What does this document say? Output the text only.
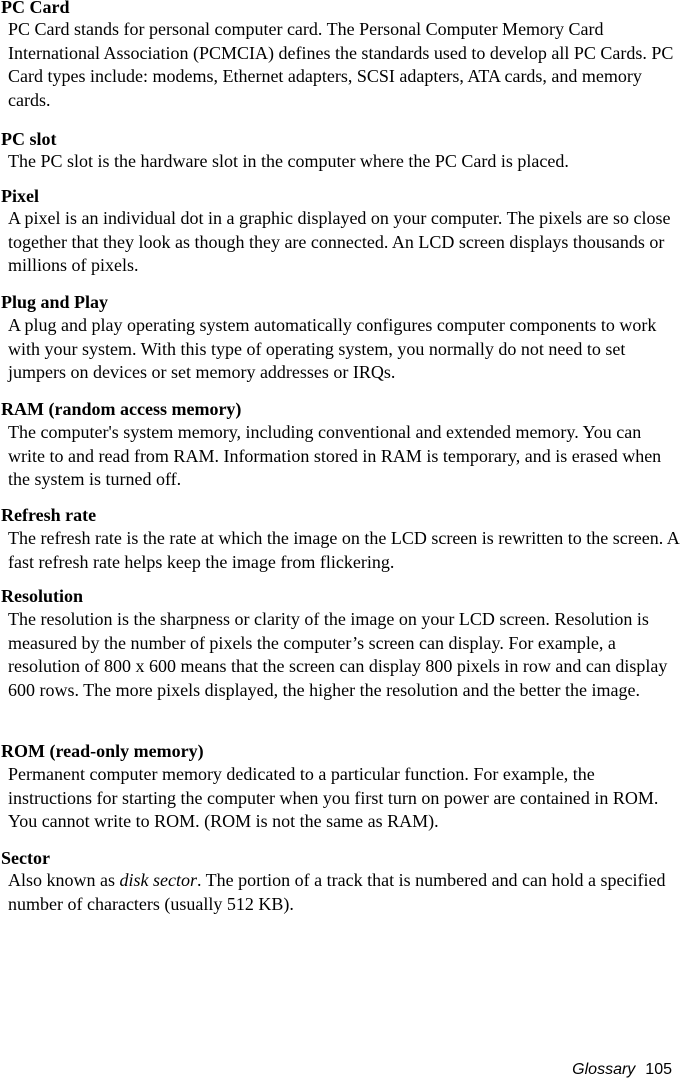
PC Card

PC Card stands for personal computer card. The Personal Computer Memory Card International Association (PCMCIA) defines the standards used to develop all PC Cards. PC Card types include: modems, Ethernet adapters, SCSI adapters, ATA cards, and memory cards.

PC slot

The PC slot is the hardware slot in the computer where the PC Card is placed.

Pixel

A pixel is an individual dot in a graphic displayed on your computer. The pixels are so close together that they look as though they are connected. An LCD screen displays thousands or millions of pixels.

Plug and Play

A plug and play operating system automatically configures computer components to work with your system. With this type of operating system, you normally do not need to set jumpers on devices or set memory addresses or IRQs.

RAM (random access memory)

The computer's system memory, including conventional and extended memory. You can write to and read from RAM. Information stored in RAM is temporary, and is erased when the system is turned off.

Refresh rate

The refresh rate is the rate at which the image on the LCD screen is rewritten to the screen. A fast refresh rate helps keep the image from flickering.

Resolution

The resolution is the sharpness or clarity of the image on your LCD screen. Resolution is measured by the number of pixels the computer’s screen can display. For example, a resolution of 800 x 600 means that the screen can display 800 pixels in row and can display 600 rows. The more pixels displayed, the higher the resolution and the better the image.

ROM (read-only memory)

Permanent computer memory dedicated to a particular function. For example, the instructions for starting the computer when you first turn on power are contained in ROM. You cannot write to ROM. (ROM is not the same as RAM).

Sector

Also known as disk sector. The portion of a track that is numbered and can hold a specified number of characters (usually 512 KB).

Glossary 105
